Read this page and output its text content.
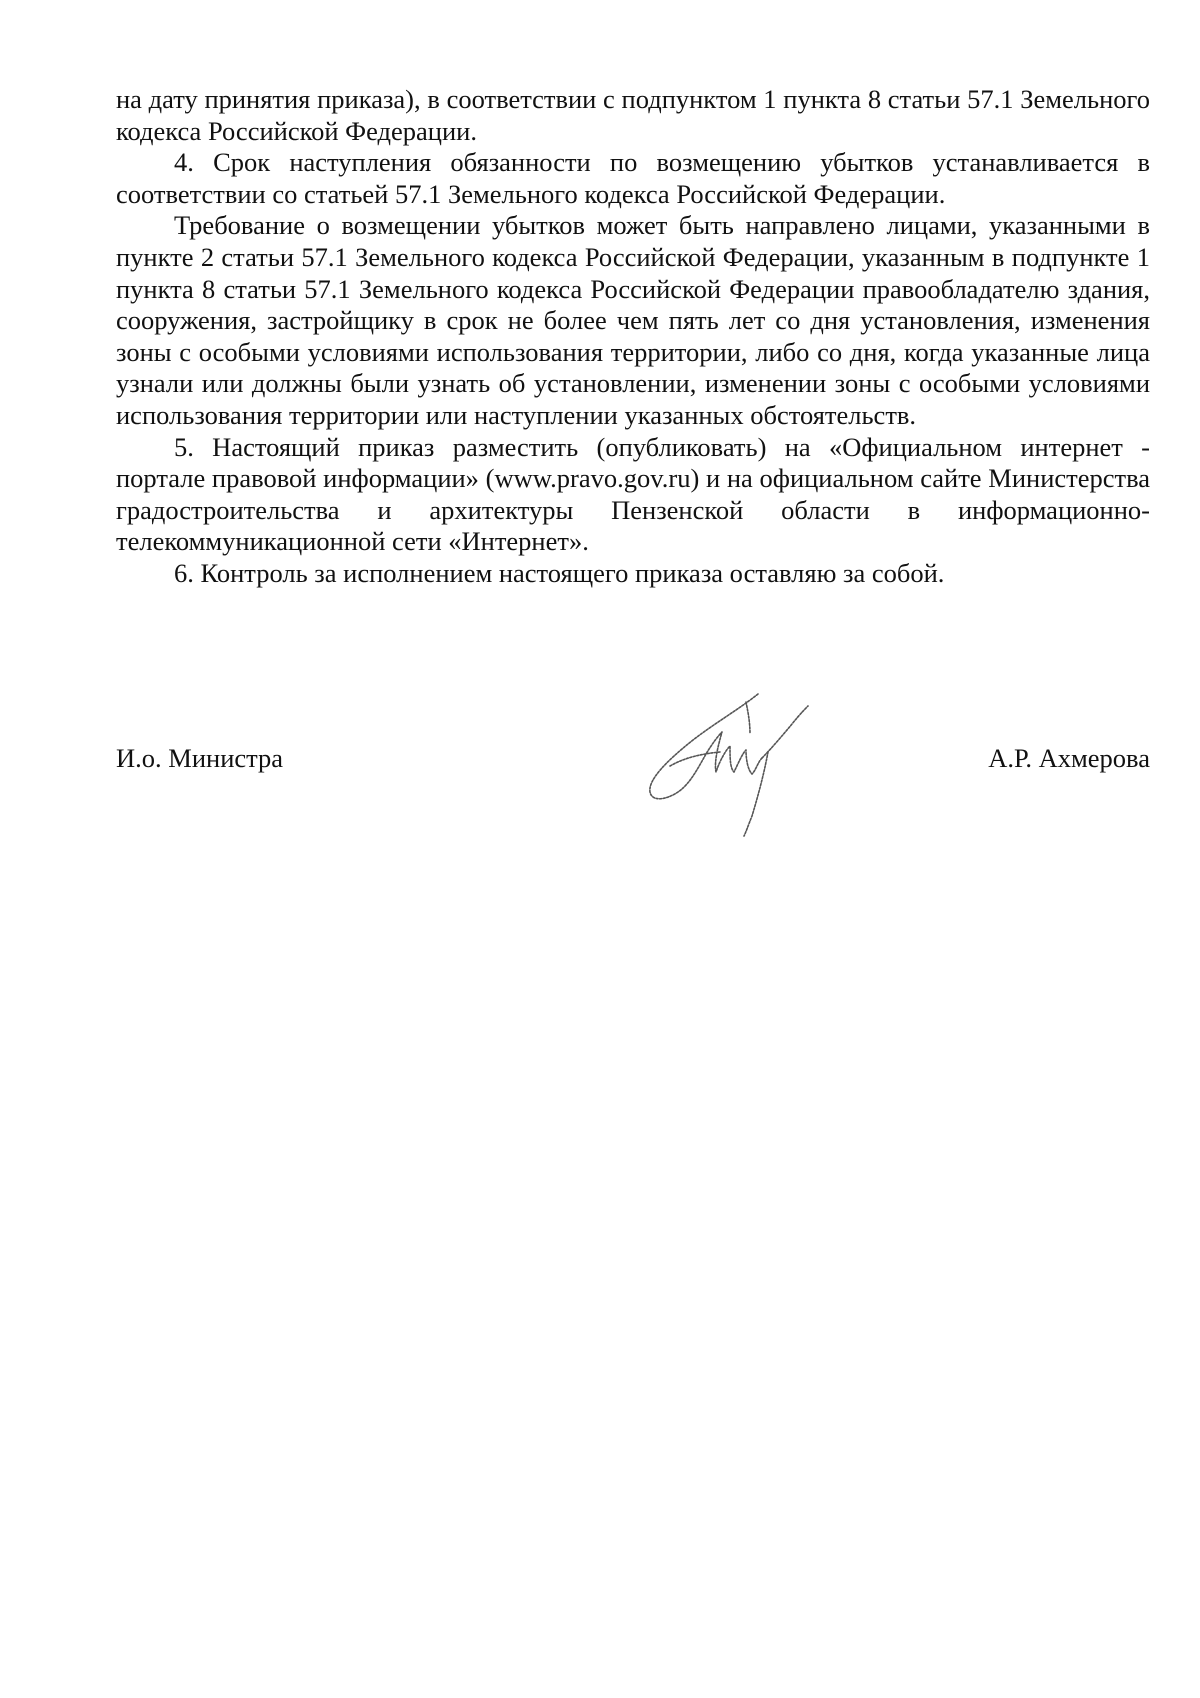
на дату принятия приказа), в соответствии с подпунктом 1 пункта 8 статьи 57.1 Земельного кодекса Российской Федерации.

4. Срок наступления обязанности по возмещению убытков устанавливается в соответствии со статьей 57.1 Земельного кодекса Российской Федерации.

Требование о возмещении убытков может быть направлено лицами, указанными в пункте 2 статьи 57.1 Земельного кодекса Российской Федерации, указанным в подпункте 1 пункта 8 статьи 57.1 Земельного кодекса Российской Федерации правообладателю здания, сооружения, застройщику в срок не более чем пять лет со дня установления, изменения зоны с особыми условиями использования территории, либо со дня, когда указанные лица узнали или должны были узнать об установлении, изменении зоны с особыми условиями использования территории или наступлении указанных обстоятельств.

5. Настоящий приказ разместить (опубликовать) на «Официальном интернет - портале правовой информации» (www.pravo.gov.ru) и на официальном сайте Министерства градостроительства и архитектуры Пензенской области в информационно-телекоммуникационной сети «Интернет».

6. Контроль за исполнением настоящего приказа оставляю за собой.

И.о. Министра	А.Р. Ахмерова
